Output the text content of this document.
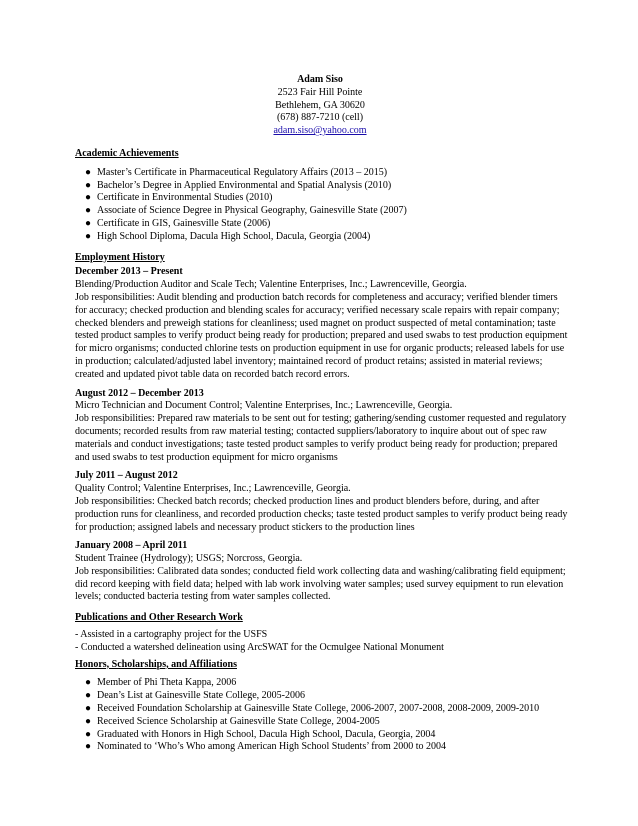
Adam Siso
2523 Fair Hill Pointe
Bethlehem, GA 30620
(678) 887-7210 (cell)
adam.siso@yahoo.com
Academic Achievements
● Master’s Certificate in Pharmaceutical Regulatory Affairs (2013 – 2015)
● Bachelor’s Degree in Applied Environmental and Spatial Analysis (2010)
● Certificate in Environmental Studies (2010)
● Associate of Science Degree in Physical Geography, Gainesville State (2007)
● Certificate in GIS, Gainesville State (2006)
● High School Diploma, Dacula High School, Dacula, Georgia (2004)
Employment History
December 2013 – Present
Blending/Production Auditor and Scale Tech; Valentine Enterprises, Inc.; Lawrenceville, Georgia.
Job responsibilities: Audit blending and production batch records for completeness and accuracy; verified blender timers
for accuracy; checked production and blending scales for accuracy; verified necessary scale repairs with repair company;
checked blenders and preweigh stations for cleanliness; used magnet on product suspected of metal contamination; taste
tested product samples to verify product being ready for production; prepared and used swabs to test production equipment
for micro organisms; conducted chlorine tests on production equipment in use for organic products; released labels for use
in production; calculated/adjusted label inventory; maintained record of product retains; assisted in material reviews;
created and updated pivot table data on recorded batch record errors.
August 2012 – December 2013
Micro Technician and Document Control; Valentine Enterprises, Inc.; Lawrenceville, Georgia.
Job responsibilities: Prepared raw materials to be sent out for testing; gathering/sending customer requested and regulatory
documents; recorded results from raw material testing; contacted suppliers/laboratory to inquire about out of spec raw
materials and conduct investigations; taste tested product samples to verify product being ready for production; prepared
and used swabs to test production equipment for micro organisms
July 2011 – August 2012
Quality Control; Valentine Enterprises, Inc.; Lawrenceville, Georgia.
Job responsibilities: Checked batch records; checked production lines and product blenders before, during, and after
production runs for cleanliness, and recorded production checks; taste tested product samples to verify product being ready
for production; assigned labels and necessary product stickers to the production lines
January 2008 – April 2011
Student Trainee (Hydrology); USGS; Norcross, Georgia.
Job responsibilities: Calibrated data sondes; conducted field work collecting data and washing/calibrating field equipment;
did record keeping with field data; helped with lab work involving water samples; used survey equipment to run elevation
levels; conducted bacteria testing from water samples collected.
Publications and Other Research Work
- Assisted in a cartography project for the USFS
- Conducted a watershed delineation using ArcSWAT for the Ocmulgee National Monument
Honors, Scholarships, and Affiliations
● Member of Phi Theta Kappa, 2006
● Dean’s List at Gainesville State College, 2005-2006
● Received Foundation Scholarship at Gainesville State College, 2006-2007, 2007-2008, 2008-2009, 2009-2010
● Received Science Scholarship at Gainesville State College, 2004-2005
● Graduated with Honors in High School, Dacula High School, Dacula, Georgia, 2004
● Nominated to ‘Who’s Who among American High School Students’ from 2000 to 2004
